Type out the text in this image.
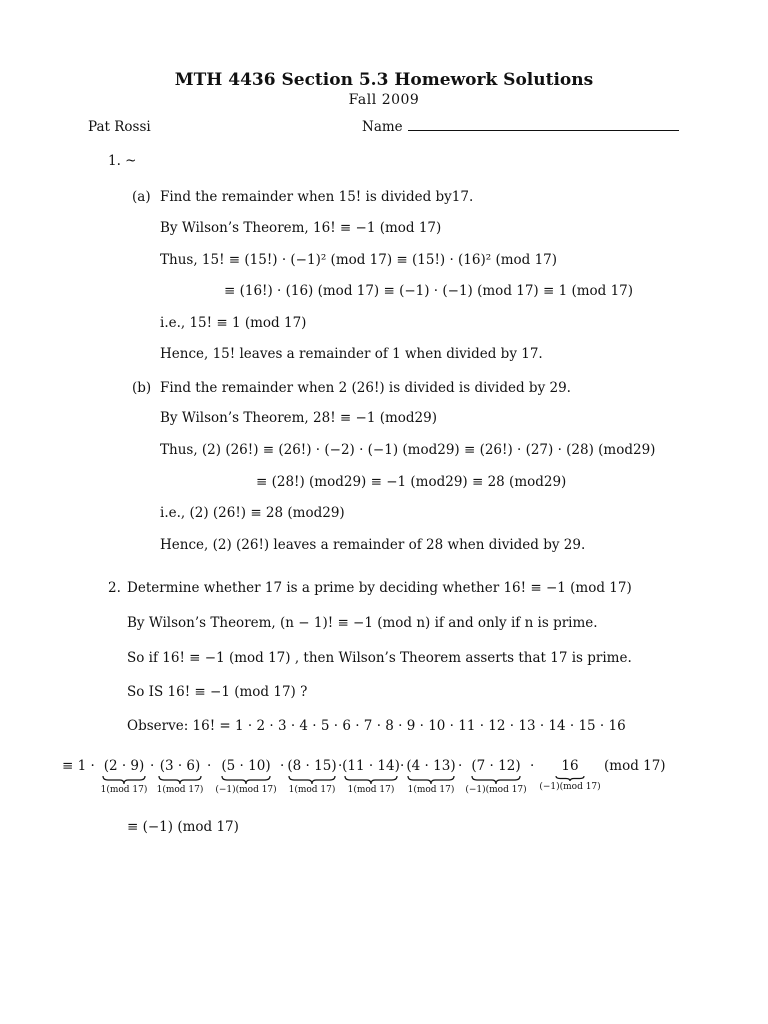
MTH 4436 Section 5.3 Homework Solutions
Fall 2009
Pat Rossi	Name
1. ~
(a) Find the remainder when 15! is divided by17.
By Wilson’s Theorem, 16! ≡ −1 (mod 17)
Thus, 15! ≡ (15!) · (−1)² (mod 17) ≡ (15!) · (16)² (mod 17)
≡ (16!) · (16) (mod 17) ≡ (−1) · (−1) (mod 17) ≡ 1 (mod 17)
i.e., 15! ≡ 1 (mod 17)
Hence, 15! leaves a remainder of 1 when divided by 17.
(b) Find the remainder when 2 (26!) is divided is divided by 29.
By Wilson’s Theorem, 28! ≡ −1 (mod29)
Thus, (2) (26!) ≡ (26!) · (−2) · (−1) (mod29) ≡ (26!) · (27) · (28) (mod29)
≡ (28!) (mod29) ≡ −1 (mod29) ≡ 28 (mod29)
i.e., (2) (26!) ≡ 28 (mod29)
Hence, (2) (26!) leaves a remainder of 28 when divided by 29.
2. Determine whether 17 is a prime by deciding whether 16! ≡ −1 (mod 17)
By Wilson’s Theorem, (n − 1)! ≡ −1 (mod n) if and only if n is prime.
So if 16! ≡ −1 (mod 17) , then Wilson’s Theorem asserts that 17 is prime.
So IS 16! ≡ −1 (mod 17) ?
Observe: 16! = 1 · 2 · 3 · 4 · 5 · 6 · 7 · 8 · 9 · 10 · 11 · 12 · 13 · 14 · 15 · 16
≡ 1 · (2 · 9)
1(mod 17)
· (3 · 6)
1(mod 17)
· (5 · 10)
(−1)(mod 17)
· (8 · 15)
1(mod 17)
· (11 · 14)
1(mod 17)
· (4 · 13)
1(mod 17)
· (7 · 12)
(−1)(mod 17)
·	16
(−1)(mod 17)
(mod 17)
≡ (−1) (mod 17)
